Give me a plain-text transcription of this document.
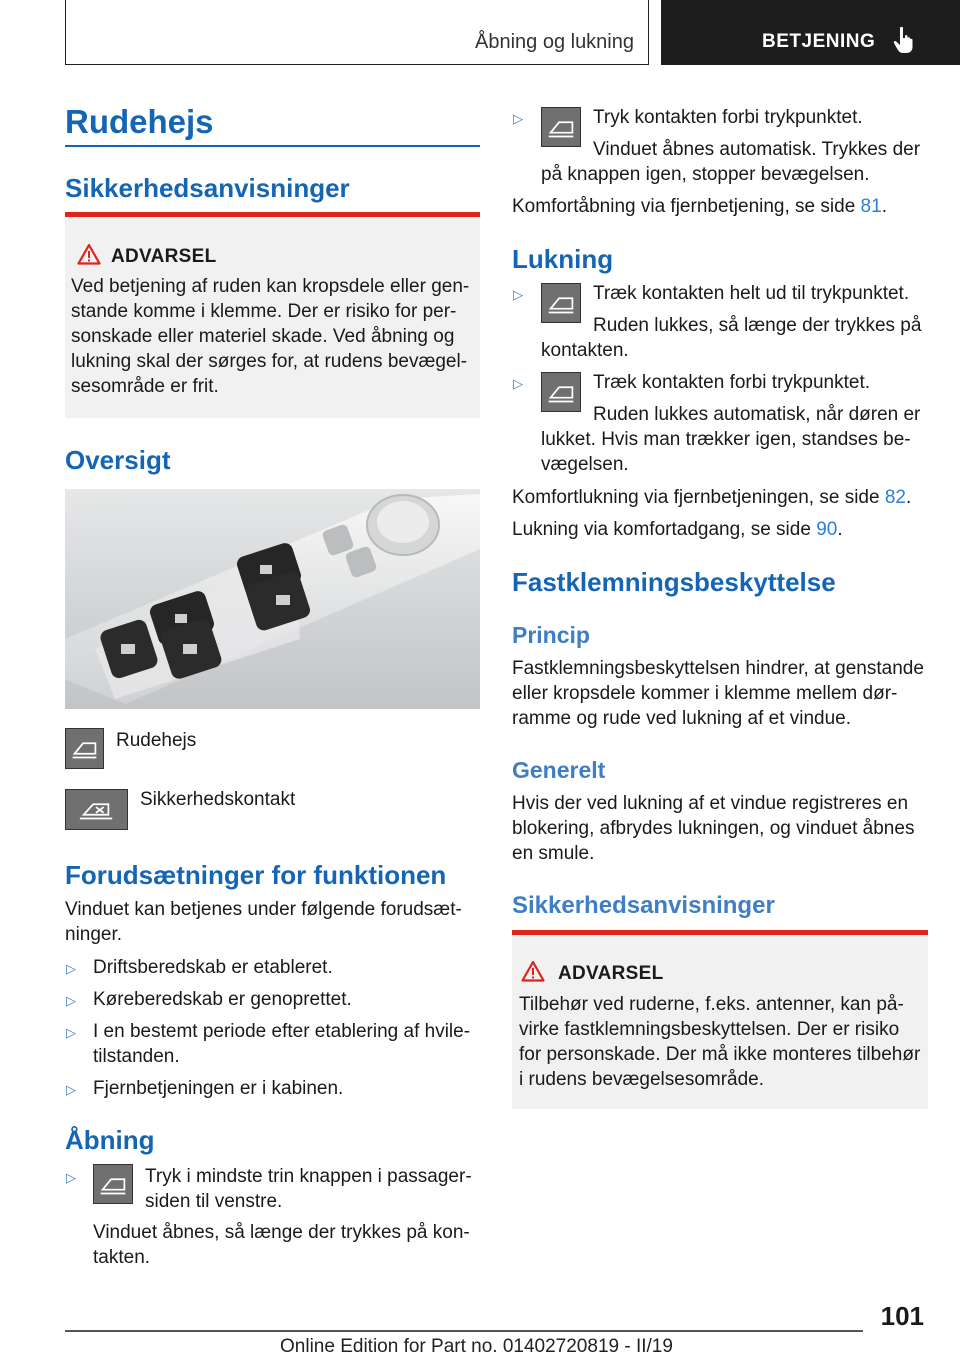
Åbning og lukning	BETJENING
Rudehejs
Sikkerhedsanvisninger
ADVARSEL
Ved betjening af ruden kan kropsdele eller gen-
stande komme i klemme. Der er risiko for per-
sonskade eller materiel skade. Ved åbning og
lukning skal der sørges for, at rudens bevægel-
sesområde er frit.
Oversigt
Rudehejs
Sikkerhedskontakt
Forudsætninger for funktionen
Vinduet kan betjenes under følgende forudsæt-
ninger.
▷ Driftsberedskab er etableret.
▷ Køreberedskab er genoprettet.
▷ I en bestemt periode efter etablering af hvile-
tilstanden.
▷ Fjernbetjeningen er i kabinen.
Åbning
▷	Tryk i mindste trin knappen i passager-
siden til venstre.
Vinduet åbnes, så længe der trykkes på kon-
takten.
▷	Tryk kontakten forbi trykpunktet.
Vinduet åbnes automatisk. Trykkes der
på knappen igen, stopper bevægelsen.
Komfortåbning via fjernbetjening, se side 81.
Lukning
▷	Træk kontakten helt ud til trykpunktet.
Ruden lukkes, så længe der trykkes på
kontakten.
▷	Træk kontakten forbi trykpunktet.
Ruden lukkes automatisk, når døren er
lukket. Hvis man trækker igen, standses be-
vægelsen.
Komfortlukning via fjernbetjeningen, se side 82.
Lukning via komfortadgang, se side 90.
Fastklemningsbeskyttelse
Princip
Fastklemningsbeskyttelsen hindrer, at genstande
eller kropsdele kommer i klemme mellem dør-
ramme og rude ved lukning af et vindue.
Generelt
Hvis der ved lukning af et vindue registreres en
blokering, afbrydes lukningen, og vinduet åbnes
en smule.
Sikkerhedsanvisninger
ADVARSEL
Tilbehør ved ruderne, f.eks. antenner, kan på-
virke fastklemningsbeskyttelsen. Der er risiko
for personskade. Der må ikke monteres tilbehør
i rudens bevægelsesområde.
101
Online Edition for Part no. 01402720819 - II/19
